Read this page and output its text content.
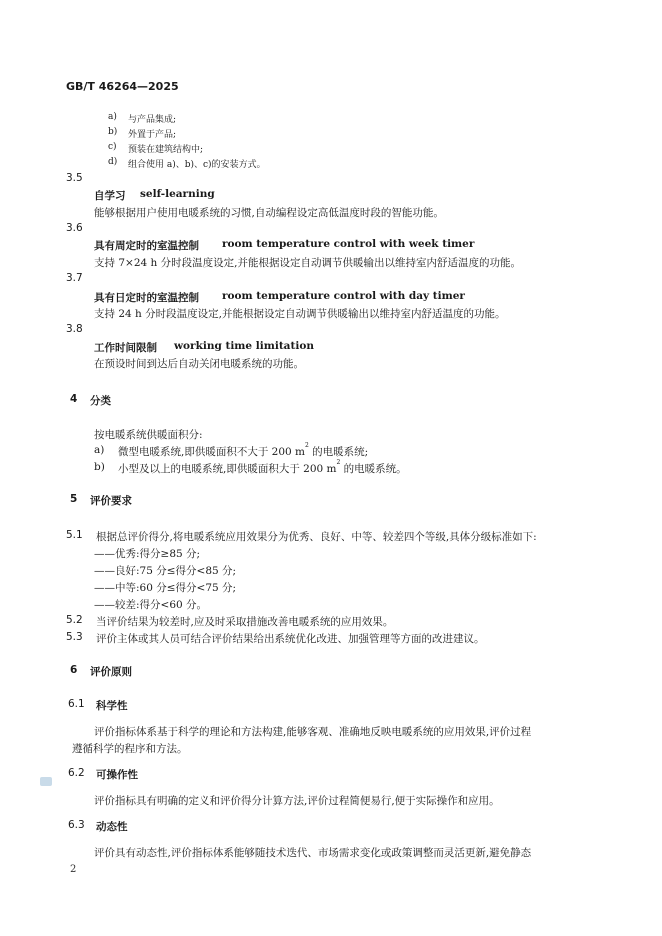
GB/T 46264—2025
a) 与产品集成;
b) 外置于产品;
c) 预装在建筑结构中;
d) 组合使用 a)、b)、c)的安装方式。
3.5
自学习 self-learning
能够根据用户使用电暖系统的习惯,自动编程设定高低温度时段的智能功能。
3.6
具有周定时的室温控制 room temperature control with week timer
支持 7×24 h 分时段温度设定,并能根据设定自动调节供暖输出以维持室内舒适温度的功能。
3.7
具有日定时的室温控制 room temperature control with day timer
支持 24 h 分时段温度设定,并能根据设定自动调节供暖输出以维持室内舒适温度的功能。
3.8
工作时间限制 working time limitation
在预设时间到达后自动关闭电暖系统的功能。
4 分类
按电暖系统供暖面积分:
a) 微型电暖系统,即供暖面积不大于 200 $m^2$ 的电暖系统;
b) 小型及以上的电暖系统,即供暖面积大于 200 $m^2$ 的电暖系统。
5 评价要求
5.1 根据总评价得分,将电暖系统应用效果分为优秀、良好、中等、较差四个等级,具体分级标准如下:
——优秀:得分≥85 分;
——良好:75 分≤得分<85 分;
——中等:60 分≤得分<75 分;
——较差:得分<60 分。
5.2 当评价结果为较差时,应及时采取措施改善电暖系统的应用效果。
5.3 评价主体或其人员可结合评价结果给出系统优化改进、加强管理等方面的改进建议。
6 评价原则
6.1 科学性
评价指标体系基于科学的理论和方法构建,能够客观、准确地反映电暖系统的应用效果,评价过程
遵循科学的程序和方法。
6.2 可操作性
评价指标具有明确的定义和评价得分计算方法,评价过程简便易行,便于实际操作和应用。
6.3 动态性
评价具有动态性,评价指标体系能够随技术迭代、市场需求变化或政策调整而灵活更新,避免静态
2
